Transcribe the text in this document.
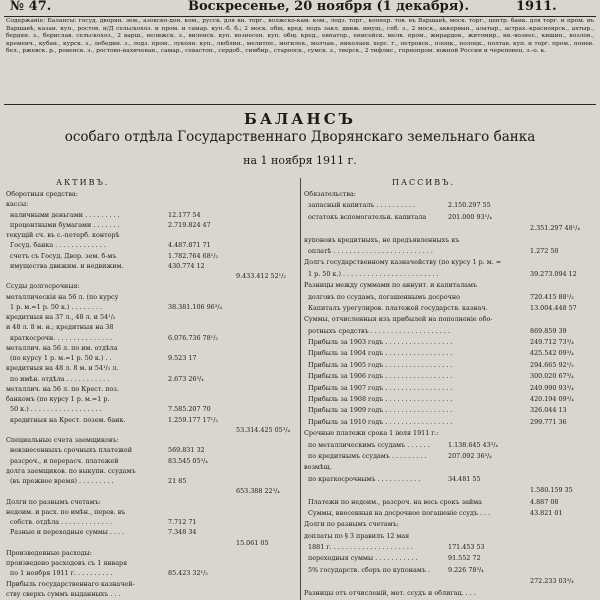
№ 47.	Воскресенье, 20 ноября (1 декабря).	1911.

Содержаніе: Балансы: госуд. дворян. зем., азовско-дон. ком., русск. для вн. торг., волжско-кам. ком., лодз. торг., коопер. тов. въ Варшавѣ, моск. торг., центр. банк. для торг. и пром. въ Варшавѣ, казан. куп., ростов. н/Д сельскохоз. и пром. и самар. куп.-б. б.; 2 моск. общ. кред. подъ закл. движ. имущ., спб. з., 2 моск., аккерман., алатыр., астрах.-красноярск., ахтыр., бердян. з., берислав. сельскохоз., 2 варш., велижск. з., виленск. куп. вознесен. куп. общ. кред., евпатор., енисейск. мелк. пром., жирардов., житомир., ив.-вознес., кишин., козлов., кременч., кубан., курск. з., лебедин. з., лодз. пром., лукоян. куп., люблин., мелитоп., могилев., молчан., николаев. херс. г., петровск., плоцк., полоцк., полтав. куп. и торг. пром., понев. бел., ржевск. р., ровенск. з., ростово-нахичеван., самар., севастоп., сердоб., симбир., старооск., сумск. з., тверск., 2 тифлис., горнопром. южной России и череповец. з.-о. к.

БАЛАНСЪ
особаго отдѣла Государственнаго Дворянскаго земельнаго банка
на 1 ноября 1911 г.
АКТИВЪ.	ПАССИВЪ.
Оборотныя средства:
кассы:
наличными деньгами . . . . . . . . .	12.177 54
процентными бумагами . . . . . . .	2.719.824 47
текущій сч. въ с.-петерб. конторѣ
Госуд. банка . . . . . . . . . . . . .	4.487.871 71
счетъ съ Госуд. Двор. зем. б-мъ	1.782.764 68¹/₂
имущества движим. и недвижим.	430.774 12
9.433.412 52¹/₂
Ссуды долгосрочныя:
металлическія на 56 л. (по курсу
1 р. м.=1 р. 50 к.) . . . . . . . .	38.381.106 96³/₄
кредитныя на 37 л., 48 л. и 54¹/₂
и 48 л. 8 м. н.; кредитныя на 38
краткосрочн. . . . . . . . . . . . . . .	6.076.736 78¹/₂
металлич. на 56 л. по им. отдѣла
(по курсу 1 р. м.=1 р. 50 к.) . .	9.523 17
кредитныя на 48 л. 8 м. и 54¹/₂ л.
по имѣн. отдѣла . . . . . . . . . . .	2.673 26³/₄
металлич. на 56 л. по Крест. поз.
банкомъ (по курсу 1 р. м.=1 р.
50 к.) . . . . . . . . . . . . . . . . . .	7.585.207 70
кредитныя на Крест. позем. банк.	1.259.177 17¹/₂
53.314.425 05³/₄
Специальные счета заемщиковъ:
невзнесенныхъ срочныхъ платежей	569.831 32
разсроч., и перерасч. платежей	83.545 05³/₄
долга заемщиков. по выкупн. ссудамъ
(въ прежнее время) . . . . . . . . .	21 85
653.388 22³/₄
Долги по разнымъ счетамъ:
недоим. и расх. по имѣн., перев. въ
собств. отдѣла . . . . . . . . . . . . .	7.712 71
Разные и переходные суммы . . . .	7.348 34
15.061 05
Произведенные расходы:
произведено расходовъ съ 1 января
по 1 ноября 1911 г. . . . . . . . . .	85.423 32¹/₂
Прибыль государственнаго казначей-
ству сверхъ суммъ выданныхъ . . .
Обязательства:
запасный капиталъ . . . . . . . . . .	2.150.297 55
остатокъ вспомогательн. капитала	201.000 93¹/₄
2.351.297 48¹/₄
купоновъ кредитныхъ, не предъявленныхъ къ
оплатѣ . . . . . . . . . . . . . . . . . . . . . . . . .	1.272 50
Долгъ государственному казначейству (по курсу 1 р. м. =
1 р. 50 к.) . . . . . . . . . . . . . . . . . . . . . . . .	39.273.094 12
Разницы между суммами по аннуит. и капиталамъ
долговъ по ссудамъ, погашеннымъ досрочно	720.415 88¹/₂
Капиталъ урегулиров. платежей государств. казнач.	13.004.448 57
Суммы, отчисленныя изъ прибылей на пополненіе обо-
ротныхъ средствъ . . . . . . . . . . . . . . . . . . . .	869.859 39
Прибыль за 1903 годъ . . . . . . . . . . . . . . . . .	249.712 73³/₄
Прибыль за 1904 годъ . . . . . . . . . . . . . . . . .	425.542 09³/₄
Прибыль за 1905 годъ . . . . . . . . . . . . . . . . .	294.665 92¹/₂
Прибыль за 1906 годъ . . . . . . . . . . . . . . . . .	300.020 67³/₄
Прибыль за 1907 годъ . . . . . . . . . . . . . . . . .	249.990 93³/₄
Прибыль за 1908 годъ . . . . . . . . . . . . . . . . .	420.194 09³/₄
Прибыль за 1909 годъ . . . . . . . . . . . . . . . . .	326.044 13
Прибыль за 1910 годъ . . . . . . . . . . . . . . . . .	299.771 36
Срочные платежи срока 1 іюля 1911 г.:
по металлическимъ ссудамъ . . . . . .	1.138.645 43³/₄
по кредитнымъ ссудамъ . . . . . . . . .	207.092 36³/₄
возмѣщ.
по краткосрочнымъ . . . . . . . . . . .	34.481 55
1.580.159 35
Платежи по недоим., разсроч. на весь срокъ займа	4.887 08
Суммы, внесенныя на досрочное погашеніе ссудъ . . .	43.821 01
Долги по разнымъ счетамъ:
доплаты по § 3 правилъ 12 мая
1881 г. . . . . . . . . . . . . . . . . . . . .	171.453 53
переходныя суммы . . . . . . . . . . .	91.552 72
5% государств. сборъ по купонамъ .	9.226 78³/₄
272.233 03³/₄
Разницы отъ отчисленій, мет. ссудъ и облигац. . . .
